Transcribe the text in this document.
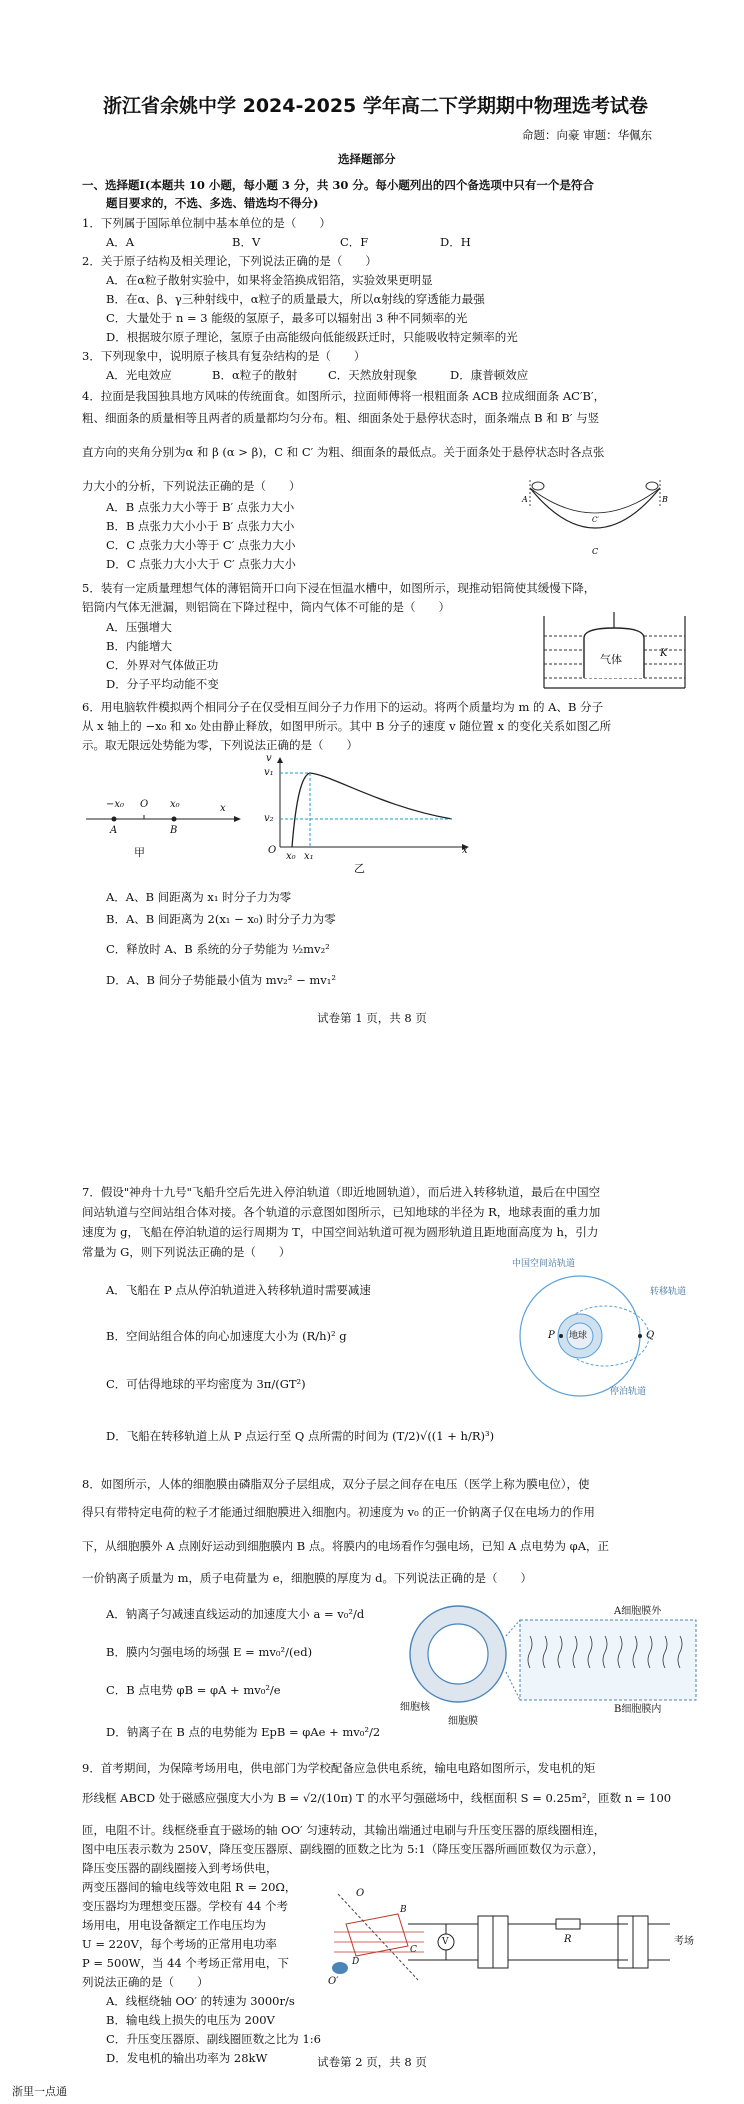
浙江省余姚中学 2024-2025 学年高二下学期期中物理选考试卷
命题：向豪 审题：华佩东
选择题部分
一、选择题Ⅰ(本题共 10 小题，每小题 3 分，共 30 分。每小题列出的四个备选项中只有一个是符合
题目要求的，不选、多选、错选均不得分)
1．下列属于国际单位制中基本单位的是（　　）
A．A	B．V	C．F	D．H
2．关于原子结构及相关理论，下列说法正确的是（　　）
A．在α粒子散射实验中，如果将金箔换成铝箔，实验效果更明显
B．在α、β、γ三种射线中，α粒子的质量最大，所以α射线的穿透能力最强
C．大量处于 n = 3 能级的氢原子，最多可以辐射出 3 种不同频率的光
D．根据玻尔原子理论，氢原子由高能级向低能级跃迁时，只能吸收特定频率的光
3．下列现象中，说明原子核具有复杂结构的是（　　）
A．光电效应	B．α粒子的散射	C．天然放射现象	D．康普顿效应
4．拉面是我国独具地方风味的传统面食。如图所示，拉面师傅将一根粗面条 ACB 拉成细面条 AC′B′，
粗、细面条的质量相等且两者的质量都均匀分布。粗、细面条处于悬停状态时，面条端点 B 和 B′ 与竖
直方向的夹角分别为α 和 β (α > β)，C 和 C′ 为粗、细面条的最低点。关于面条处于悬停状态时各点张
力大小的分析，下列说法正确的是（　　）
A．B 点张力大小等于 B′ 点张力大小
B．B 点张力大小小于 B′ 点张力大小
C．C 点张力大小等于 C′ 点张力大小
D．C 点张力大小大于 C′ 点张力大小
A	B
C
C′
5．装有一定质量理想气体的薄铝筒开口向下浸在恒温水槽中，如图所示，现推动铝筒使其缓慢下降，
铝筒内气体无泄漏，则铝筒在下降过程中，筒内气体不可能的是（　　）
A．压强增大
B．内能增大
C．外界对气体做正功
D．分子平均动能不变
气体	K
6．用电脑软件模拟两个相同分子在仅受相互间分子力作用下的运动。将两个质量均为 m 的 A、B 分子
从 x 轴上的 −x₀ 和 x₀ 处由静止释放，如图甲所示。其中 B 分子的速度 v 随位置 x 的变化关系如图乙所
示。取无限远处势能为零，下列说法正确的是（　　）
−x₀ O x₀	x
A	B
甲
v
v₁
v₂
O
x₀ x₁
x
乙
A．A、B 间距离为 x₁ 时分子力为零
B．A、B 间距离为 2(x₁ − x₀) 时分子力为零
C．释放时 A、B 系统的分子势能为 ½mv₂²
D．A、B 间分子势能最小值为 mv₂² − mv₁²
试卷第 1 页，共 8 页
7．假设"神舟十九号"飞船升空后先进入停泊轨道（即近地圆轨道），而后进入转移轨道，最后在中国空
间站轨道与空间站组合体对接。各个轨道的示意图如图所示，已知地球的半径为 R，地球表面的重力加
速度为 g，飞船在停泊轨道的运行周期为 T，中国空间站轨道可视为圆形轨道且距地面高度为 h，引力
常量为 G，则下列说法正确的是（　　）
A．飞船在 P 点从停泊轨道进入转移轨道时需要减速
B．空间站组合体的向心加速度大小为 (R/h)² g
C．可估得地球的平均密度为 3π/(GT²)
D．飞船在转移轨道上从 P 点运行至 Q 点所需的时间为 (T/2)√((1 + h/R)³)
中国空间站轨道
转移轨道
停泊轨道
地球
P	Q
8．如图所示，人体的细胞膜由磷脂双分子层组成，双分子层之间存在电压（医学上称为膜电位），使
得只有带特定电荷的粒子才能通过细胞膜进入细胞内。初速度为 v₀ 的正一价钠离子仅在电场力的作用
下，从细胞膜外 A 点刚好运动到细胞膜内 B 点。将膜内的电场看作匀强电场，已知 A 点电势为 φA，正
一价钠离子质量为 m，质子电荷量为 e，细胞膜的厚度为 d。下列说法正确的是（　　）
A．钠离子匀减速直线运动的加速度大小 a = v₀²/d
B．膜内匀强电场的场强 E = mv₀²/(ed)
C．B 点电势 φB = φA + mv₀²/e
D．钠离子在 B 点的电势能为 EpB = φAe + mv₀²/2
A细胞膜外
B细胞膜内
细胞核
细胞膜
9．首考期间，为保障考场用电，供电部门为学校配备应急供电系统，输电电路如图所示，发电机的矩
形线框 ABCD 处于磁感应强度大小为 B = √2/(10π) T 的水平匀强磁场中，线框面积 S = 0.25m²，匝数 n = 100
匝，电阻不计。线框绕垂直于磁场的轴 OO′ 匀速转动，其输出端通过电刷与升压变压器的原线圈相连，
图中电压表示数为 250V，降压变压器原、副线圈的匝数之比为 5:1（降压变压器所画匝数仅为示意），
降压变压器的副线圈接入到考场供电，
两变压器间的输电线等效电阻 R = 20Ω，
变压器均为理想变压器。学校有 44 个考
场用电，用电设备额定工作电压均为
U = 220V，每个考场的正常用电功率
P = 500W，当 44 个考场正常用电，下
列说法正确的是（　　）
A．线框绕轴 OO′ 的转速为 3000r/s
B．输电线上损失的电压为 200V
C．升压变压器原、副线圈匝数之比为 1:6
D．发电机的输出功率为 28kW
O
O′
V	R	考场
B
C
D
试卷第 2 页，共 8 页
浙里一点通
